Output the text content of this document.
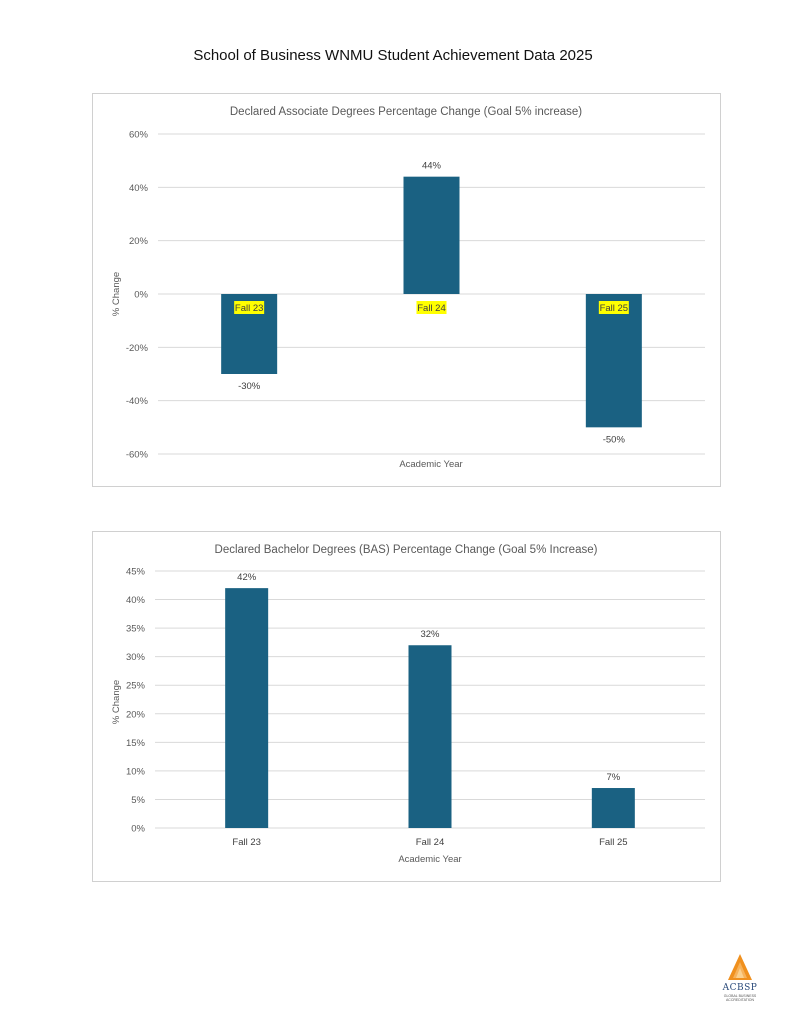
School of Business WNMU Student Achievement Data 2025
Declared Associate Degrees Percentage Change (Goal 5% increase)
60%
40%
20%
0%
-20%
-40%
-60%
-30%
Fall 23
44%
Fall 24
-50%
Fall 25
Academic Year
% Change
Declared Bachelor Degrees (BAS) Percentage Change (Goal 5% Increase)
45%
40%
35%
30%
25%
20%
15%
10%
5%
0%
42%
Fall 23
32%
Fall 24
7%
Fall 25
Academic Year
% Change
ACBSP
GLOBAL BUSINESS ACCREDITATION
